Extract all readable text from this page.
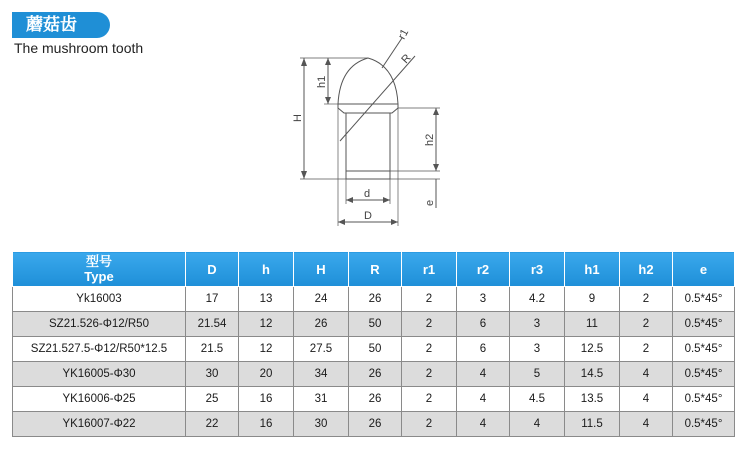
蘑菇齿
The mushroom tooth
r1
R
h1
H
h2
d
D
e
型号
Type	D	h	H	R	r1	r2	r3	h1	h2	e
Yk16003	17	13	24	26	2	3	4.2	9	2	0.5*45°
SZ21.526-Φ12/R50	21.54	12	26	50	2	6	3	11	2	0.5*45°
SZ21.527.5-Φ12/R50*12.5	21.5	12	27.5	50	2	6	3	12.5	2	0.5*45°
YK16005-Φ30	30	20	34	26	2	4	5	14.5	4	0.5*45°
YK16006-Φ25	25	16	31	26	2	4	4.5	13.5	4	0.5*45°
YK16007-Φ22	22	16	30	26	2	4	4	11.5	4	0.5*45°
